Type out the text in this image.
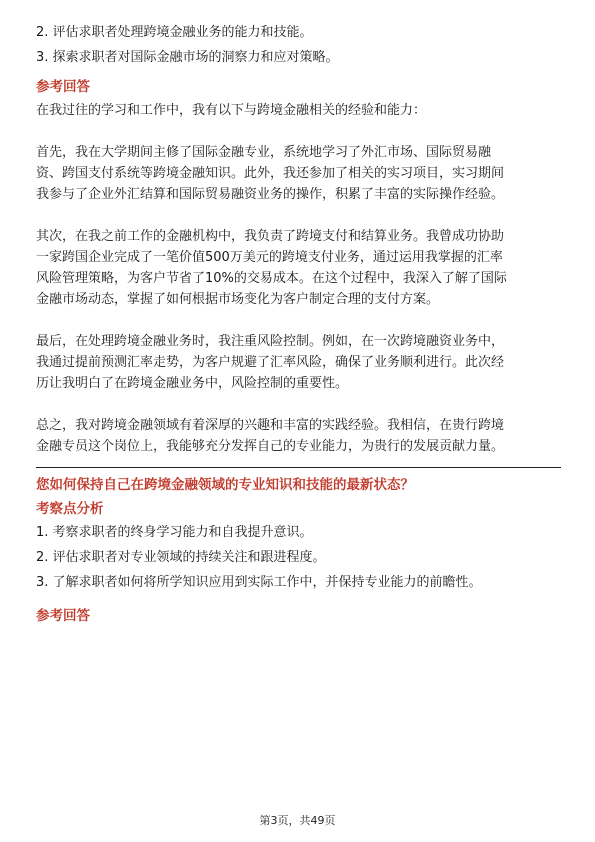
2. 评估求职者处理跨境金融业务的能力和技能。

3. 探索求职者对国际金融市场的洞察力和应对策略。

参考回答

在我过往的学习和工作中，我有以下与跨境金融相关的经验和能力：

首先，我在大学期间主修了国际金融专业，系统地学习了外汇市场、国际贸易融

资、跨国支付系统等跨境金融知识。此外，我还参加了相关的实习项目，实习期间

我参与了企业外汇结算和国际贸易融资业务的操作，积累了丰富的实际操作经验。

其次，在我之前工作的金融机构中，我负责了跨境支付和结算业务。我曾成功协助

一家跨国企业完成了一笔价值500万美元的跨境支付业务，通过运用我掌握的汇率

风险管理策略，为客户节省了10%的交易成本。在这个过程中，我深入了解了国际

金融市场动态，掌握了如何根据市场变化为客户制定合理的支付方案。

最后，在处理跨境金融业务时，我注重风险控制。例如，在一次跨境融资业务中，

我通过提前预测汇率走势，为客户规避了汇率风险，确保了业务顺利进行。此次经

历让我明白了在跨境金融业务中，风险控制的重要性。

总之，我对跨境金融领域有着深厚的兴趣和丰富的实践经验。我相信，在贵行跨境

金融专员这个岗位上，我能够充分发挥自己的专业能力，为贵行的发展贡献力量。

您如何保持自己在跨境金融领域的专业知识和技能的最新状态？

考察点分析

1. 考察求职者的终身学习能力和自我提升意识。

2. 评估求职者对专业领域的持续关注和跟进程度。

3. 了解求职者如何将所学知识应用到实际工作中，并保持专业能力的前瞻性。

参考回答

第3页，共49页
